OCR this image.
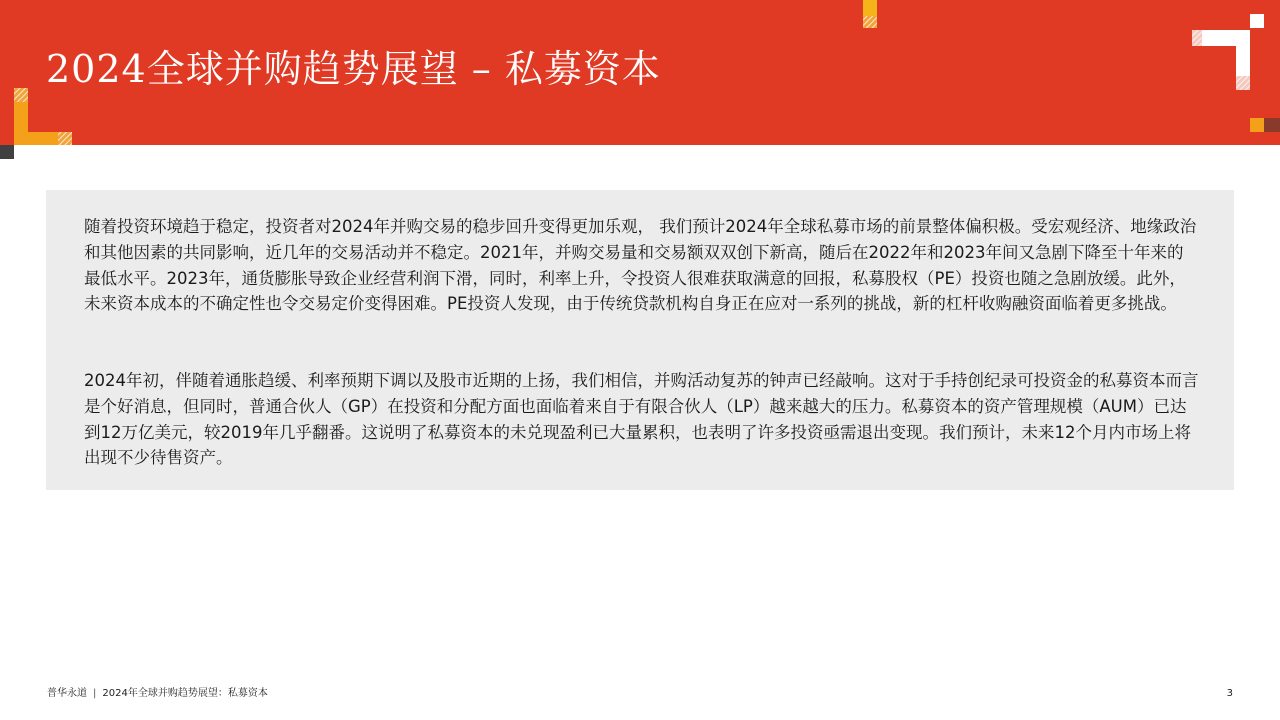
2024全球并购趋势展望 – 私募资本

随着投资环境趋于稳定，投资者对2024年并购交易的稳步回升变得更加乐观， 我们预计2024年全球私募市场的前景整体偏积极。受宏观经济、地缘政治和其他因素的共同影响，近几年的交易活动并不稳定。2021年，并购交易量和交易额双双创下新高，随后在2022年和2023年间又急剧下降至十年来的最低水平。2023年，通货膨胀导致企业经营利润下滑，同时，利率上升，令投资人很难获取满意的回报，私募股权（PE）投资也随之急剧放缓。此外，未来资本成本的不确定性也令交易定价变得困难。PE投资人发现，由于传统贷款机构自身正在应对一系列的挑战，新的杠杆收购融资面临着更多挑战。

2024年初，伴随着通胀趋缓、利率预期下调以及股市近期的上扬，我们相信，并购活动复苏的钟声已经敲响。这对于手持创纪录可投资金的私募资本而言是个好消息，但同时，普通合伙人（GP）在投资和分配方面也面临着来自于有限合伙人（LP）越来越大的压力。私募资本的资产管理规模（AUM）已达到12万亿美元，较2019年几乎翻番。这说明了私募资本的未兑现盈利已大量累积，也表明了许多投资亟需退出变现。我们预计，未来12个月内市场上将出现不少待售资产。

普华永道 | 2024年全球并购趋势展望：私募资本	3
